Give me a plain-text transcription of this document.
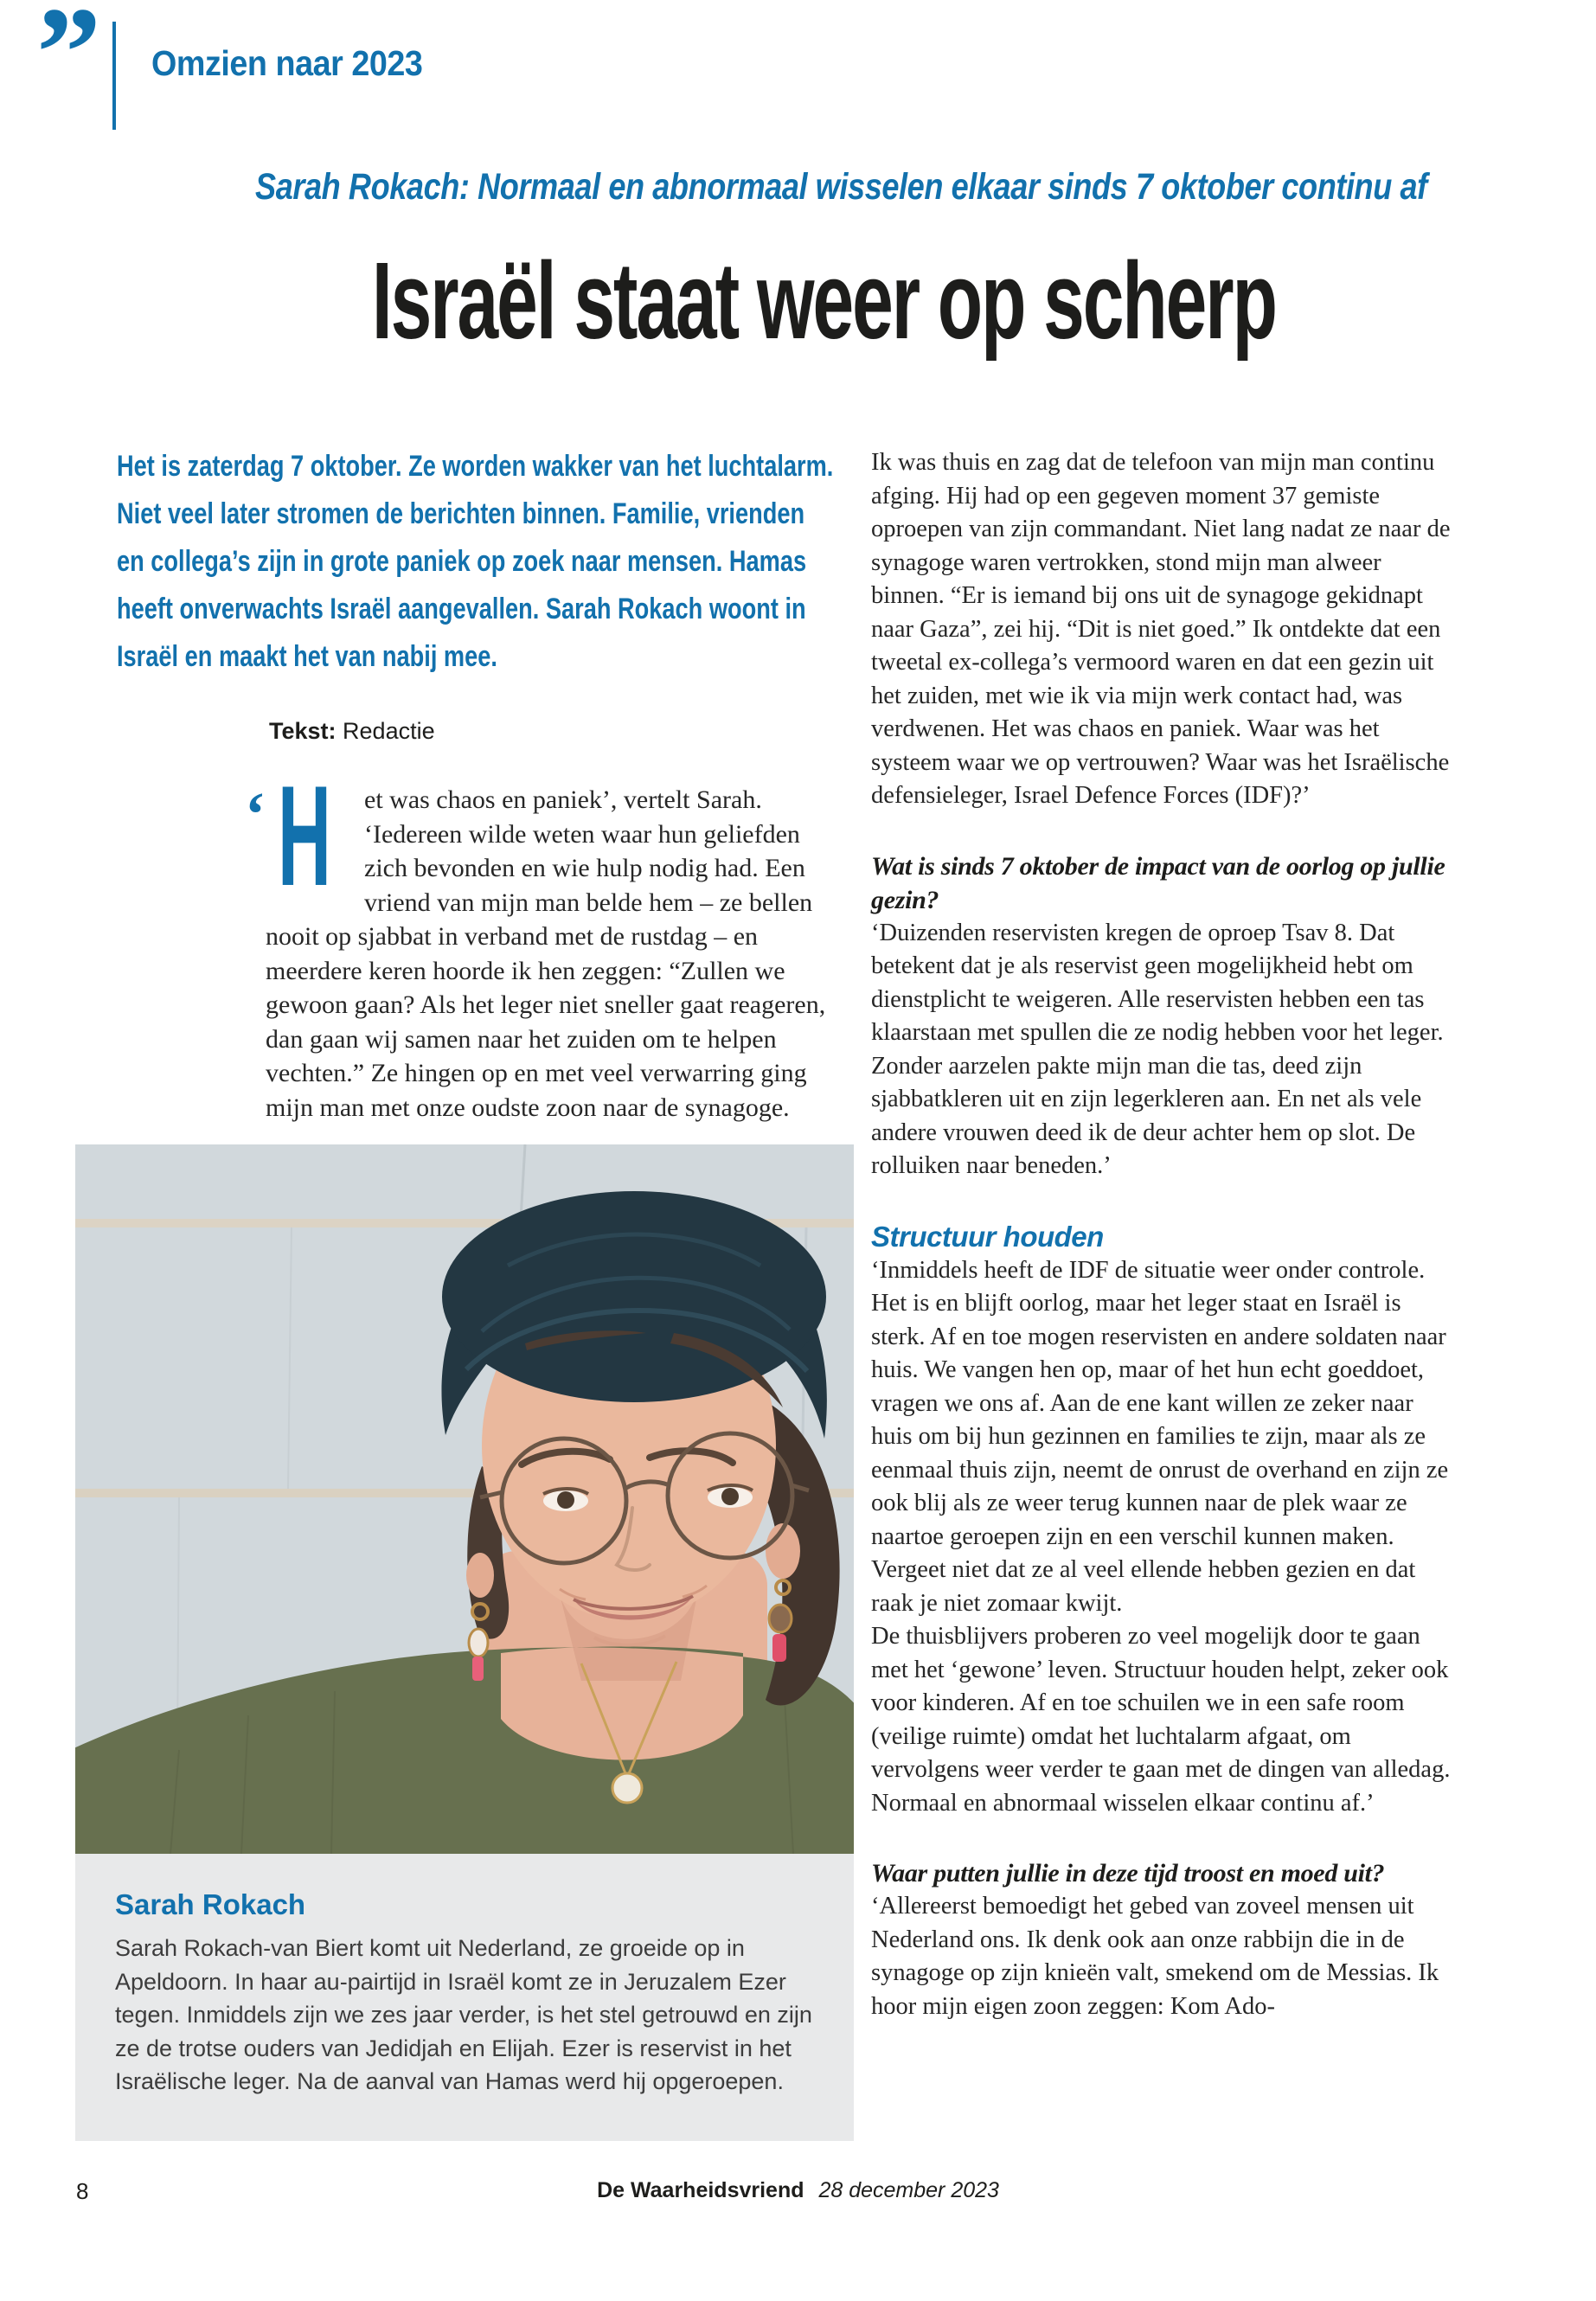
” Omzien naar 2023
Sarah Rokach: Normaal en abnormaal wisselen elkaar sinds 7 oktober continu af
Israël staat weer op scherp
Het is zaterdag 7 oktober. Ze worden wakker van het luchtalarm. Niet veel later stromen de berichten binnen. Familie, vrienden en collega’s zijn in grote paniek op zoek naar mensen. Hamas heeft onverwachts Israël aangevallen. Sarah Rokach woont in Israël en maakt het van nabij mee.
Tekst: Redactie
‘ H et was chaos en paniek’, vertelt Sarah. ‘Iedereen wilde weten waar hun geliefden zich bevonden en wie hulp nodig had. Een vriend van mijn man belde hem – ze bellen nooit op sjabbat in verband met de rustdag – en meerdere keren hoorde ik hen zeggen: “Zullen we gewoon gaan? Als het leger niet sneller gaat reageren, dan gaan wij samen naar het zuiden om te helpen vechten.” Ze hingen op en met veel verwarring ging mijn man met onze oudste zoon naar de synagoge.

Sarah Rokach

Sarah Rokach-van Biert komt uit Nederland, ze groeide op in Apeldoorn. In haar au-pairtijd in Israël komt ze in Jeruzalem Ezer tegen. Inmiddels zijn we zes jaar verder, is het stel getrouwd en zijn ze de trotse ouders van Jedidjah en Elijah. Ezer is reservist in het Israëlische leger. Na de aanval van Hamas werd hij opgeroepen.

Ik was thuis en zag dat de telefoon van mijn man continu afging. Hij had op een gegeven moment 37 gemiste oproepen van zijn commandant. Niet lang nadat ze naar de synagoge waren vertrokken, stond mijn man alweer binnen. “Er is iemand bij ons uit de synagoge gekidnapt naar Gaza”, zei hij. “Dit is niet goed.” Ik ontdekte dat een tweetal ex-collega’s vermoord waren en dat een gezin uit het zuiden, met wie ik via mijn werk contact had, was verdwenen. Het was chaos en paniek. Waar was het systeem waar we op vertrouwen? Waar was het Israëlische defensieleger, Israel Defence Forces (IDF)?’

Wat is sinds 7 oktober de impact van de oorlog op jullie gezin?

‘Duizenden reservisten kregen de oproep Tsav 8. Dat betekent dat je als reservist geen mogelijkheid hebt om dienstplicht te weigeren. Alle reservisten hebben een tas klaarstaan met spullen die ze nodig hebben voor het leger. Zonder aarzelen pakte mijn man die tas, deed zijn sjabbatkleren uit en zijn legerkleren aan. En net als vele andere vrouwen deed ik de deur achter hem op slot. De rolluiken naar beneden.’

Structuur houden

‘Inmiddels heeft de IDF de situatie weer onder controle. Het is en blijft oorlog, maar het leger staat en Israël is sterk. Af en toe mogen reservisten en andere soldaten naar huis. We vangen hen op, maar of het hun echt goeddoet, vragen we ons af. Aan de ene kant willen ze zeker naar huis om bij hun gezinnen en families te zijn, maar als ze eenmaal thuis zijn, neemt de onrust de overhand en zijn ze ook blij als ze weer terug kunnen naar de plek waar ze naartoe geroepen zijn en een verschil kunnen maken. Vergeet niet dat ze al veel ellende hebben gezien en dat raak je niet zomaar kwijt.

De thuisblijvers proberen zo veel mogelijk door te gaan met het ‘gewone’ leven. Structuur houden helpt, zeker ook voor kinderen. Af en toe schuilen we in een safe room (veilige ruimte) omdat het luchtalarm afgaat, om vervolgens weer verder te gaan met de dingen van alledag. Normaal en abnormaal wisselen elkaar continu af.’

Waar putten jullie in deze tijd troost en moed uit?

‘Allereerst bemoedigt het gebed van zoveel mensen uit Nederland ons. Ik denk ook aan onze rabbijn die in de synagoge op zijn knieën valt, smekend om de Messias. Ik hoor mijn eigen zoon zeggen: Kom Ado-

8	De Waarheidsvriend 28 december 2023
